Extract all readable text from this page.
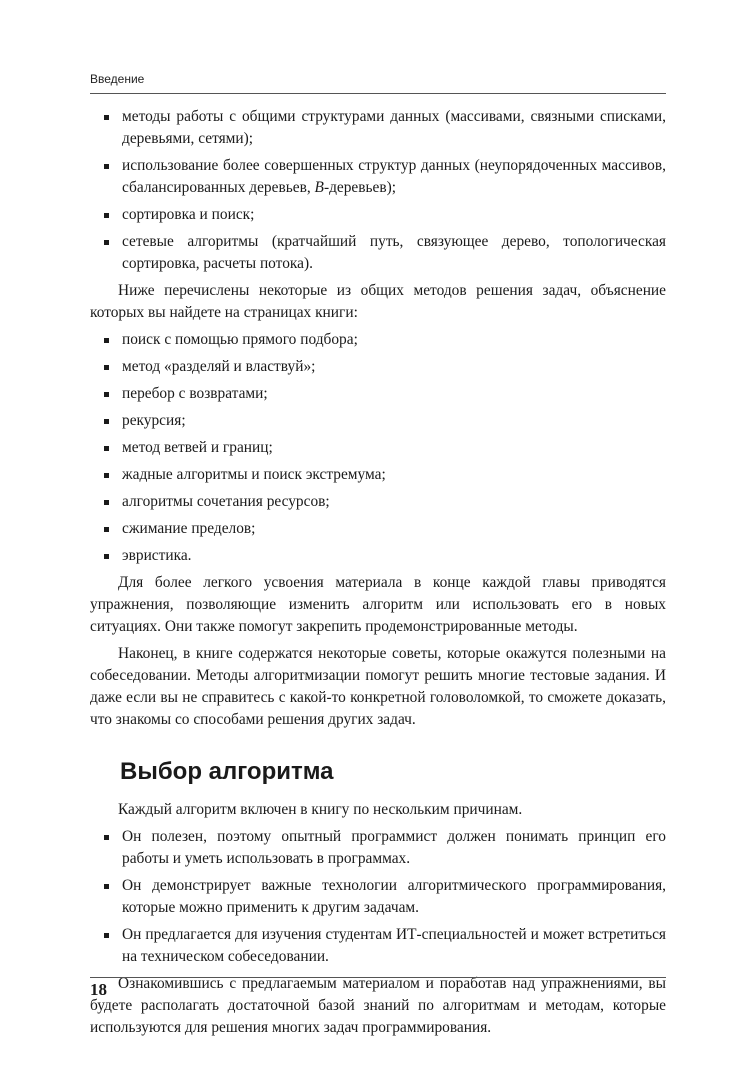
Введение
методы работы с общими структурами данных (массивами, связными списками, деревьями, сетями);
использование более совершенных структур данных (неупорядоченных массивов, сбалансированных деревьев, B-деревьев);
сортировка и поиск;
сетевые алгоритмы (кратчайший путь, связующее дерево, топологическая сортировка, расчеты потока).

Ниже перечислены некоторые из общих методов решения задач, объяснение которых вы найдете на страницах книги:

поиск с помощью прямого подбора;
метод «разделяй и властвуй»;
перебор с возвратами;
рекурсия;
метод ветвей и границ;
жадные алгоритмы и поиск экстремума;
алгоритмы сочетания ресурсов;
сжимание пределов;
эвристика.

Для более легкого усвоения материала в конце каждой главы приводятся упражнения, позволяющие изменить алгоритм или использовать его в новых ситуациях. Они также помогут закрепить продемонстрированные методы.

Наконец, в книге содержатся некоторые советы, которые окажутся полезными на собеседовании. Методы алгоритмизации помогут решить многие тестовые задания. И даже если вы не справитесь с какой-то конкретной головоломкой, то сможете доказать, что знакомы со способами решения других задач.

Выбор алгоритма

Каждый алгоритм включен в книгу по нескольким причинам.

Он полезен, поэтому опытный программист должен понимать принцип его работы и уметь использовать в программах.
Он демонстрирует важные технологии алгоритмического программирования, которые можно применить к другим задачам.
Он предлагается для изучения студентам ИТ-специальностей и может встретиться на техническом собеседовании.

Ознакомившись с предлагаемым материалом и поработав над упражнениями, вы будете располагать достаточной базой знаний по алгоритмам и методам, которые используются для решения многих задач программирования.

18
